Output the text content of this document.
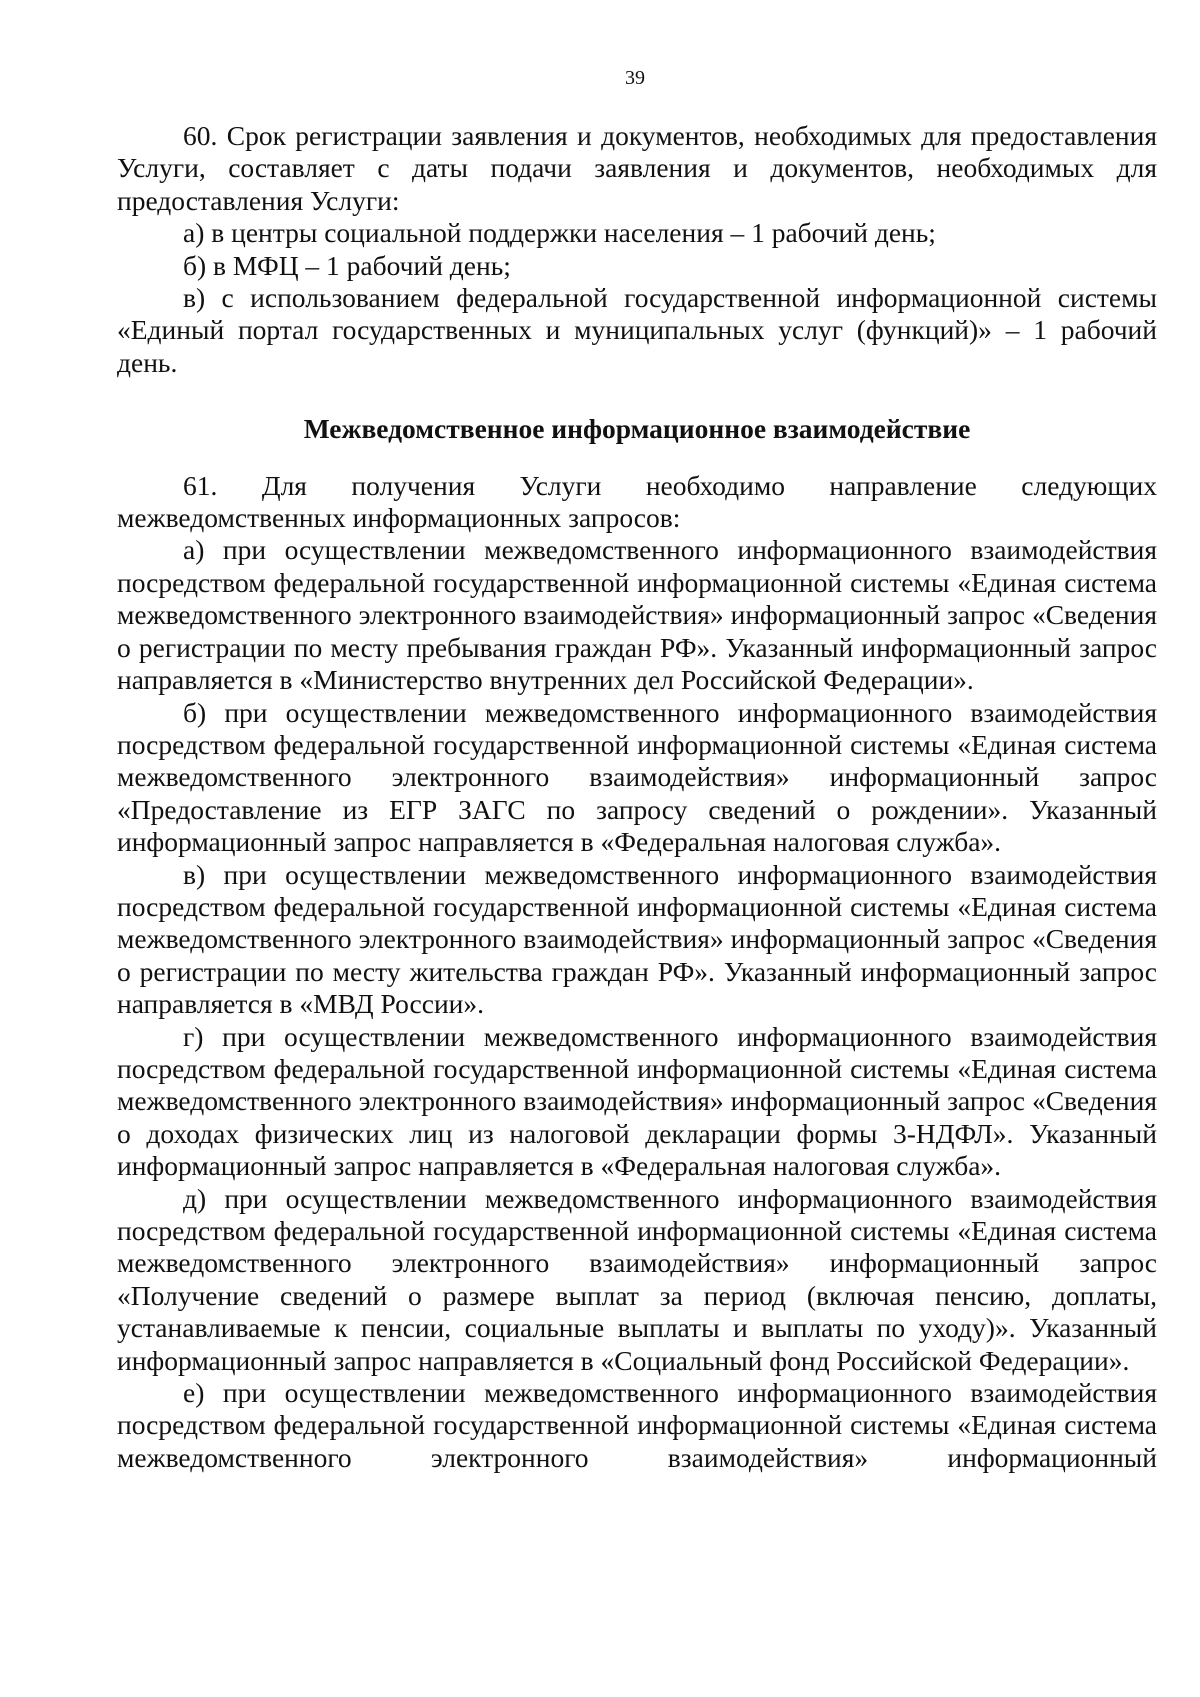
39

60. Срок регистрации заявления и документов, необходимых для предоставления Услуги, составляет с даты подачи заявления и документов, необходимых для предоставления Услуги:

а) в центры социальной поддержки населения – 1 рабочий день;

б) в МФЦ – 1 рабочий день;

в) с использованием федеральной государственной информационной системы «Единый портал государственных и муниципальных услуг (функций)» – 1 рабочий день.

Межведомственное информационное взаимодействие

61. Для получения Услуги необходимо направление следующих межведомственных информационных запросов:

а) при осуществлении межведомственного информационного взаимодействия посредством федеральной государственной информационной системы «Единая система межведомственного электронного взаимодействия» информационный запрос «Сведения о регистрации по месту пребывания граждан РФ». Указанный информационный запрос направляется в «Министерство внутренних дел Российской Федерации».

б) при осуществлении межведомственного информационного взаимодействия посредством федеральной государственной информационной системы «Единая система межведомственного электронного взаимодействия» информационный запрос «Предоставление из ЕГР ЗАГС по запросу сведений о рождении». Указанный информационный запрос направляется в «Федеральная налоговая служба».

в) при осуществлении межведомственного информационного взаимодействия посредством федеральной государственной информационной системы «Единая система межведомственного электронного взаимодействия» информационный запрос «Сведения о регистрации по месту жительства граждан РФ». Указанный информационный запрос направляется в «МВД России».

г) при осуществлении межведомственного информационного взаимодействия посредством федеральной государственной информационной системы «Единая система межведомственного электронного взаимодействия» информационный запрос «Сведения о доходах физических лиц из налоговой декларации формы 3-НДФЛ». Указанный информационный запрос направляется в «Федеральная налоговая служба».

д) при осуществлении межведомственного информационного взаимодействия посредством федеральной государственной информационной системы «Единая система межведомственного электронного взаимодействия» информационный запрос «Получение сведений о размере выплат за период (включая пенсию, доплаты, устанавливаемые к пенсии, социальные выплаты и выплаты по уходу)». Указанный информационный запрос направляется в «Социальный фонд Российской Федерации».

е) при осуществлении межведомственного информационного взаимодействия посредством федеральной государственной информационной системы «Единая система межведомственного электронного взаимодействия» информационный
